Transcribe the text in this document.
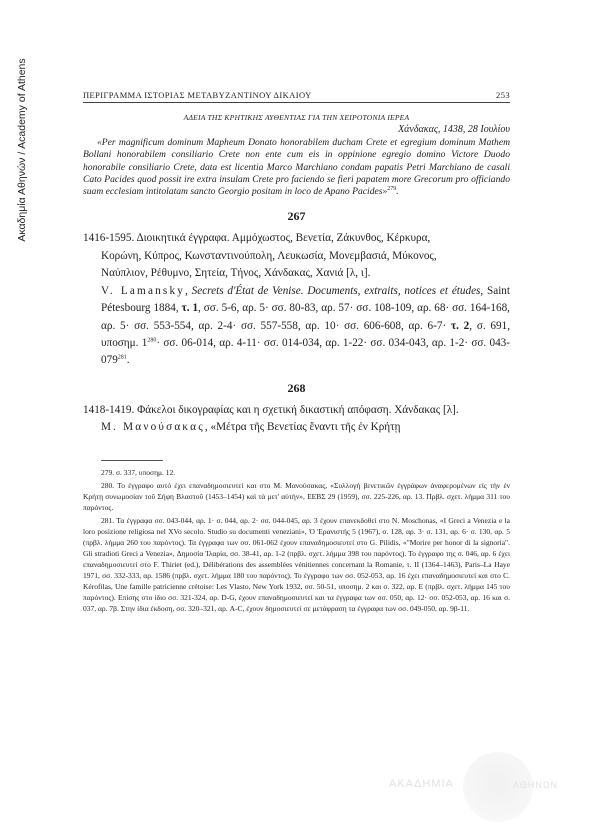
Ακαδημία Αθηνών / Academy of Athens	ΠΕΡΙΓΡΑΜΜΑ ΙΣΤΟΡΙΑΣ ΜΕΤΑΒΥΖΑΝΤΙΝΟΥ ΔΙΚΑΙΟΥ	253
ΑΔΕΙΑ ΤΗΣ ΚΡΗΤΙΚΗΣ ΑΥΘΕΝΤΙΑΣ ΓΙΑ ΤΗΝ ΧΕΙΡΟΤΟΝΙΑ ΙΕΡΕΑ
Χάνδακας, 1438, 28 Ιουλίου
«Per magnificum dominum Mapheum Donato honorabilem ducham Crete et egregium dominum Mathem Bollani honorabilem consiliario Crete non ente cum eis in oppinione egregio domino Victore Duodo honorabile consiliario Crete, data est licentia Marco Marchiano condam papatis Petri Marchiano de casali Cato Pacides quod possit ire extra insulam Crete pro faciendo se fieri papatem more Grecorum pro officiando suam ecclesiam intitolatam sancto Georgio positam in loco de Apano Pacides»$^{279}$.
267
1416-1595. Διοικητικά έγγραφα. Αμμόχωστος, Βενετία, Ζάκυνθος, Κέρκυρα,
Κορώνη, Κύπρος, Κωνσταντινούπολη, Λευκωσία, Μονεμβασιά, Μύκονος,
Ναύπλιον, Ρέθυμνο, Σητεία, Τήνος, Χάνδακας, Χανιά [λ, ι].
V. Lamansky, Secrets d'État de Venise. Documents, extraits, notices et études, Saint Pétesbourg 1884, τ. 1, σσ. 5-6, αρ. 5· σσ. 80-83, αρ. 57· σσ. 108-109, αρ. 68· σσ. 164-168, αρ. 5· σσ. 553-554, αρ. 2-4· σσ. 557-558, αρ. 10· σσ. 606-608, αρ. 6-7· τ. 2, σ. 691, υποσημ. $1^{280}\cdot \sigma\sigma$. 06-014, αρ. 4-11· σσ. 014-034, αρ. 1-22· σσ. 034-043, αρ. 1-2· σσ. $043-079^{281}$.
268
1418-1419. Φάκελοι δικογραφίας και η σχετική δικαστική απόφαση. Χάνδακας [λ].
Μ. Μανούσακας, «Μέτρα τῆς Βενετίας ἔναντι τῆς ἐν Κρήτῃ

279. σ. 337, υποσημ. 12.

280. Το έγγραφο αυτό έχει επαναδημοσιευτεί και στο Μ. Μανούσακας, «Συλλογή βενετικῶν ἐγγράφων ἀναφερομένων εἰς τὴν ἐν Κρήτῃ συνωμοσίαν τοῦ Σήφη Βλαστοῦ (1453–1454) καὶ τὰ μετ' αὐτήν», ΕΕΒΣ 29 (1959), σσ. 225-226, αρ. 13. Πρβλ. σχετ. λήμμα 311 του παρόντος.

281. Τα έγγραφα σσ. 043-044, αρ. 1· σ. 044, αρ. 2· σσ. 044-045, αρ. 3 έχουν επανεκδοθεί στο N. Moschonas, «I Greci a Venezia e la loro posizione religiosa nel XVo secolo. Studio su documenti veneziani», Ὁ Ἐρανιστής 5 (1967), σ. 128, αρ. 3· σ. 131, αρ. 6· σ. 130, αρ. 5 (πρβλ. λήμμα 260 του παρόντος). Τα έγγραφα των σσ. 061-062 έχουν επαναδημοσιευτεί στο G. Pilidis, «"Morire per honor di la signoria". Gli stradioti Greci a Venezia», Δημοσία Ἰλαρία, σσ. 38-41, αρ. 1-2 (πρβλ. σχετ. λήμμα 398 του παρόντος). Το έγγραφο της σ. 046, αρ. 6 έχει επαναδημοσιευτεί στο F. Thiriet (ed.), Délibérations des assemblées vénitiennes concernant la Romanie, τ. II (1364–1463), Paris–La Haye 1971, σσ. 332-333, αρ. 1586 (πρβλ. σχετ. λήμμα 180 του παρόντος). Το έγγραφο των σσ. 052-053, αρ. 16 έχει επαναδημοσιευτεί και στο C. Kérofilas, Une famille patricienne crétoise: Les Vlasto, New York 1932, σσ. 50-51, υποσημ. 2 και σ. 322, αρ. Ε (πρβλ. σχετ. λήμμα 145 του παρόντος). Επίσης στο ίδιο σσ. 321-324, αρ. D-G, έχουν επαναδημοσιευτεί και τα έγγραφα των σσ. 050, αρ. 12· σσ. 052-053, αρ. 16 και σ. 037, αρ. 7β. Στην ίδια έκδοση, σσ. 320–321, αρ. A-C, έχουν δημοσιευτεί σε μετάφραση τα έγγραφα των σσ. 049-050, αρ. 9β-11.

ΑΚΑΔΗΜΙΑ	ΑΘΗΝΩΝ
